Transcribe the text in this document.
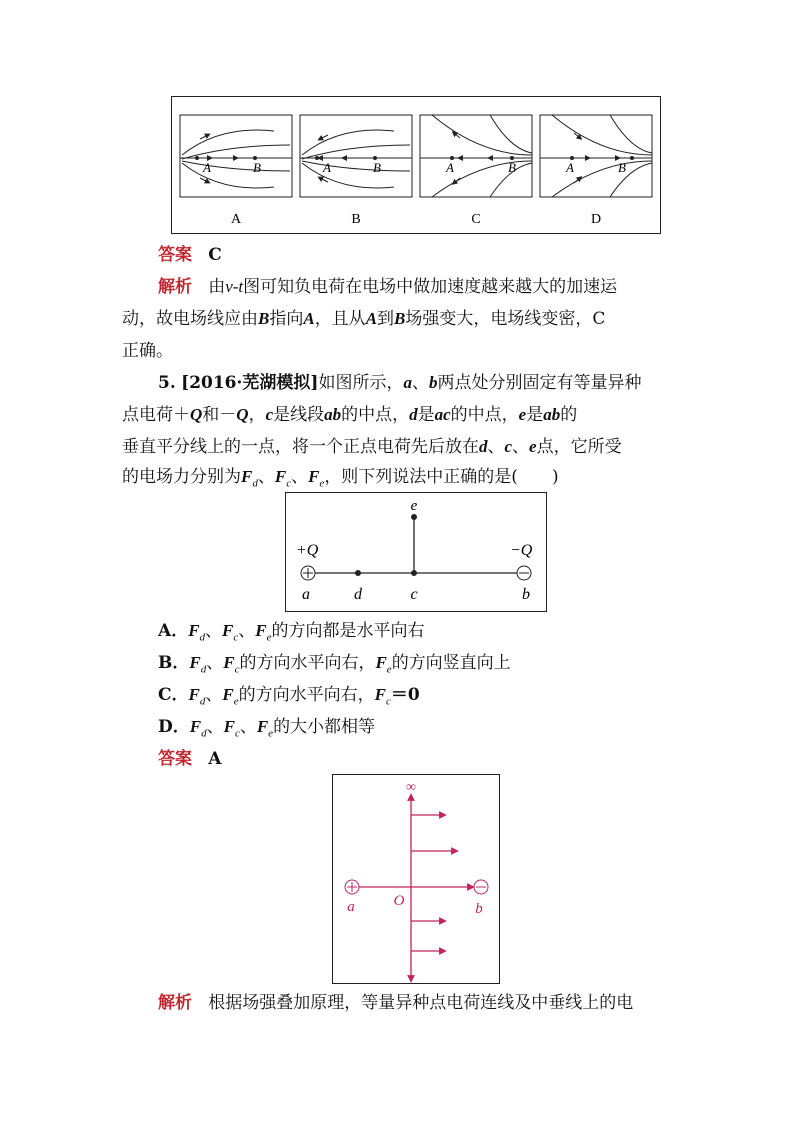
A	B	A	B	A	B	A	B
A	B	C	D
答案 C
解析 由v-t图可知负电荷在电场中做加速度越来越大的加速运
动，故电场线应由B指向A，且从A到B场强变大，电场线变密，C
正确。
5. [2016·芜湖模拟]如图所示，a、b两点处分别固定有等量异种
点电荷＋Q和－Q，c是线段ab的中点，d是ac的中点，e是ab的
垂直平分线上的一点，将一个正点电荷先后放在d、c、e点，它所受
的电场力分别为$F_d$、$F_c$、$F_e$，则下列说法中正确的是(　　)
e
+Q	−Q
a	d	c	b
A．$F_d$、$F_c$、$F_e$的方向都是水平向右
B．$F_d$、$F_c$的方向水平向右，$F_e$的方向竖直向上
C．$F_d$、$F_e$的方向水平向右，$F_c=0$
D．$F_d$、$F_c$、$F_e$的大小都相等
答案 A
∞
a	O	b
解析 根据场强叠加原理，等量异种点电荷连线及中垂线上的电
